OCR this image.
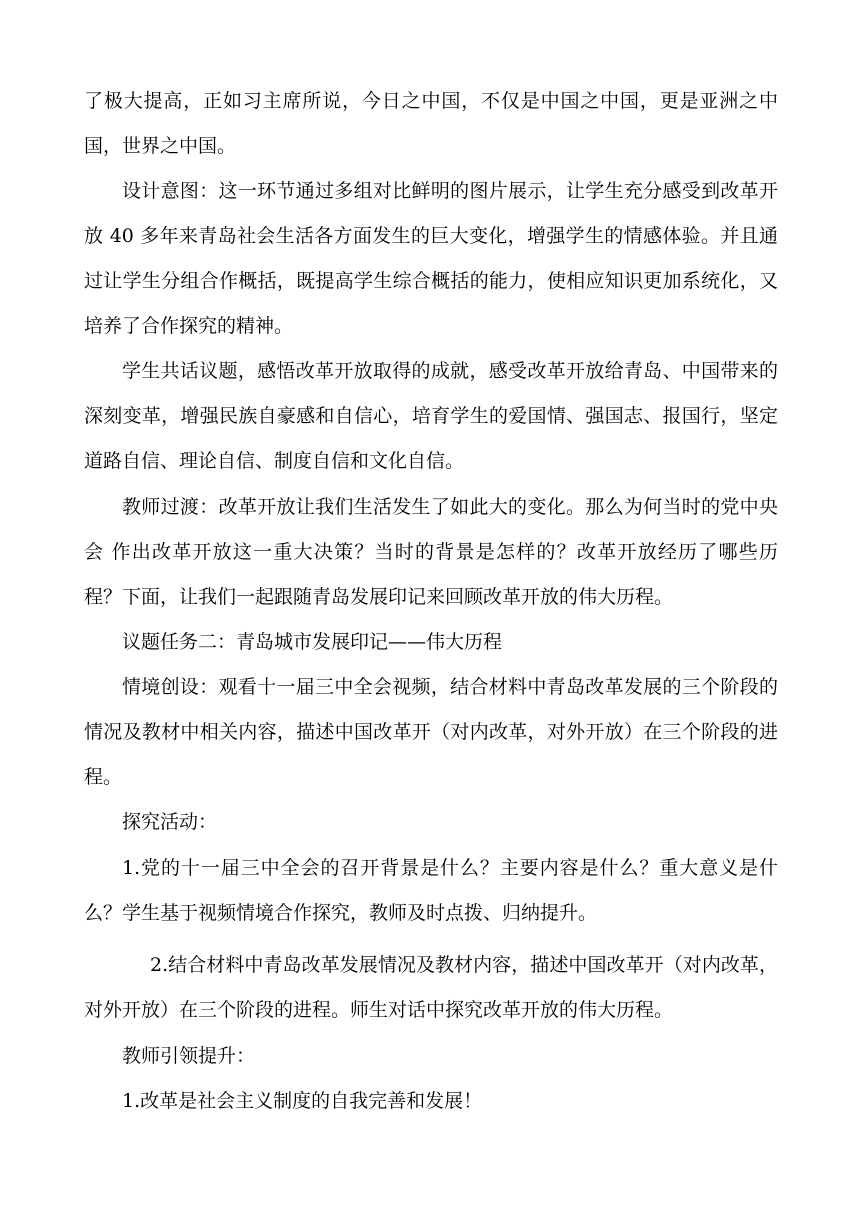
了极大提高，正如习主席所说，今日之中国，不仅是中国之中国，更是亚洲之中国，世界之中国。

设计意图：这一环节通过多组对比鲜明的图片展示，让学生充分感受到改革开放 40 多年来青岛社会生活各方面发生的巨大变化，增强学生的情感体验。并且通过让学生分组合作概括，既提高学生综合概括的能力，使相应知识更加系统化，又培养了合作探究的精神。

学生共话议题，感悟改革开放取得的成就，感受改革开放给青岛、中国带来的深刻变革，增强民族自豪感和自信心，培育学生的爱国情、强国志、报国行，坚定道路自信、理论自信、制度自信和文化自信。

教师过渡：改革开放让我们生活发生了如此大的变化。那么为何当时的党中央会 作出改革开放这一重大决策？当时的背景是怎样的？改革开放经历了哪些历 程？下面，让我们一起跟随青岛发展印记来回顾改革开放的伟大历程。

议题任务二：青岛城市发展印记——伟大历程

情境创设：观看十一届三中全会视频，结合材料中青岛改革发展的三个阶段的情况及教材中相关内容，描述中国改革开（对内改革，对外开放）在三个阶段的进程。

探究活动：

1.党的十一届三中全会的召开背景是什么？主要内容是什么？重大意义是什么？学生基于视频情境合作探究，教师及时点拨、归纳提升。

2.结合材料中青岛改革发展情况及教材内容，描述中国改革开（对内改革，对外开放）在三个阶段的进程。师生对话中探究改革开放的伟大历程。

教师引领提升：

1.改革是社会主义制度的自我完善和发展！
